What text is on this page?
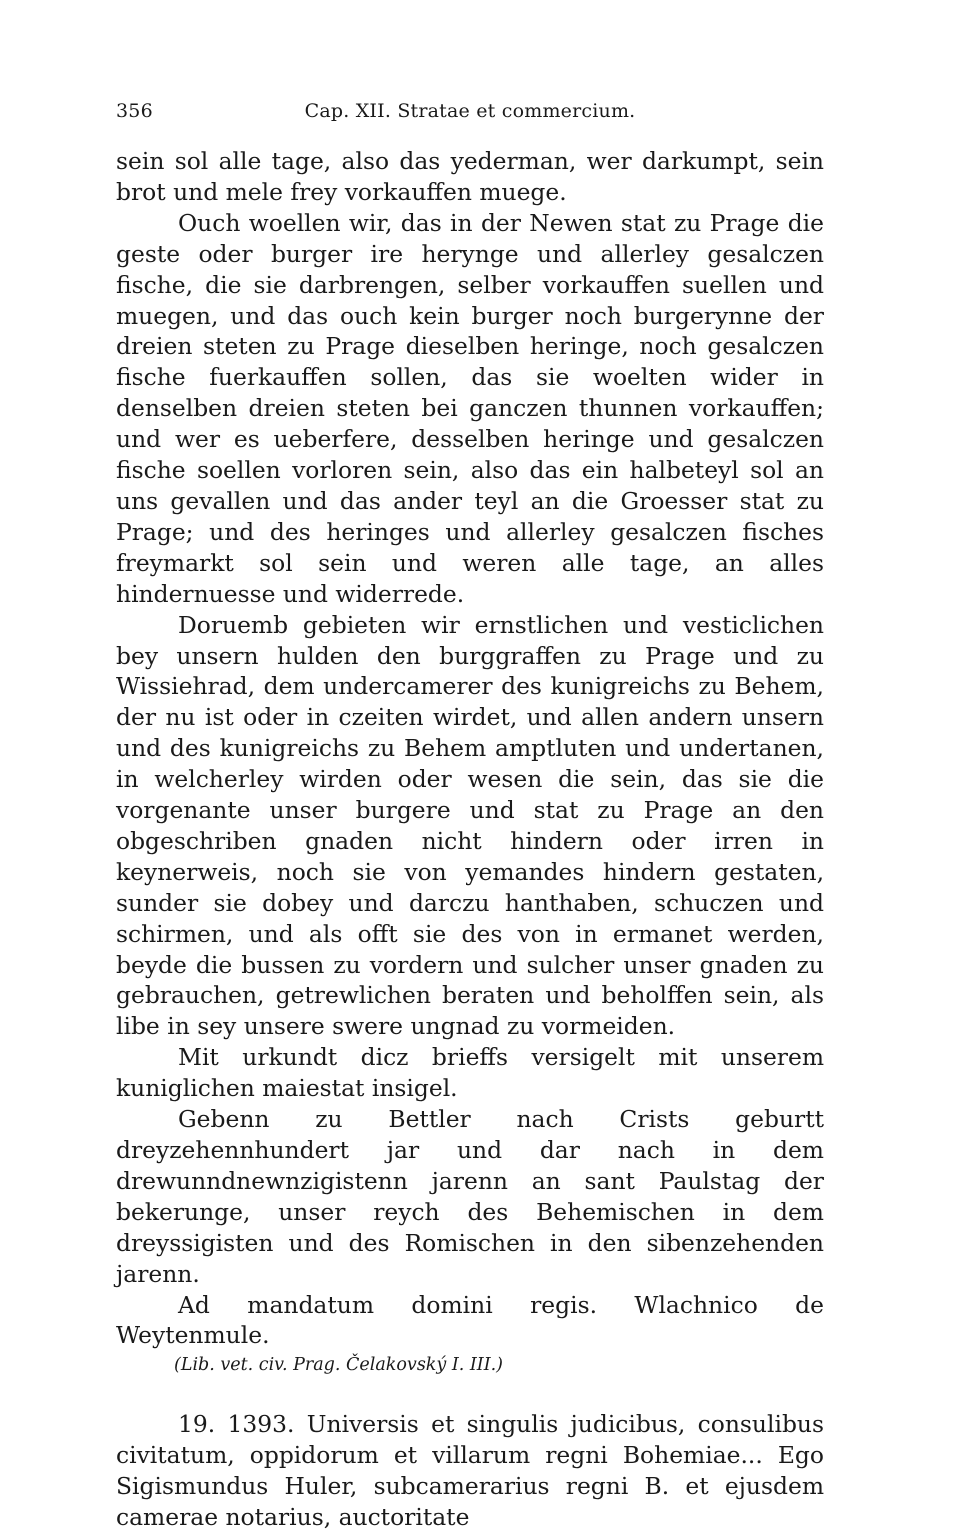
356	Cap. XII. Stratae et commercium.

sein sol alle tage, also das yederman, wer darkumpt, sein brot und mele frey vorkauffen muege.

Ouch woellen wir, das in der Newen stat zu Prage die geste oder burger ire herynge und allerley gesalczen fische, die sie darbrengen, selber vorkauffen suellen und muegen, und das ouch kein burger noch burgerynne der dreien steten zu Prage dieselben heringe, noch gesalczen fische fuerkauffen sollen, das sie woelten wider in denselben dreien steten bei ganczen thunnen vorkauffen; und wer es ueberfere, desselben heringe und gesalczen fische soellen vorloren sein, also das ein halbeteyl sol an uns gevallen und das ander teyl an die Groesser stat zu Prage; und des heringes und allerley gesalczen fisches freymarkt sol sein und weren alle tage, an alles hindernuesse und widerrede.

Doruemb gebieten wir ernstlichen und vesticlichen bey unsern hulden den burggraffen zu Prage und zu Wissiehrad, dem undercamerer des kunigreichs zu Behem, der nu ist oder in czeiten wirdet, und allen andern unsern und des kunigreichs zu Behem amptluten und undertanen, in welcherley wirden oder wesen die sein, das sie die vorgenante unser burgere und stat zu Prage an den obgeschriben gnaden nicht hindern oder irren in keynerweis, noch sie von yemandes hindern gestaten, sunder sie dobey und darczu hanthaben, schuczen und schirmen, und als offt sie des von in ermanet werden, beyde die bussen zu vordern und sulcher unser gnaden zu gebrauchen, getrewlichen beraten und beholffen sein, als libe in sey unsere swere ungnad zu vormeiden.

Mit urkundt dicz brieffs versigelt mit unserem kuniglichen maiestat insigel.

Gebenn zu Bettler nach Crists geburtt dreyzehennhundert jar und dar nach in dem drewunndnewnzigistenn jarenn an sant Paulstag der bekerunge, unser reych des Behemischen in dem dreyssigisten und des Romischen in den sibenzehenden jarenn.

Ad mandatum domini regis. Wlachnico de Weytenmule.

(Lib. vet. civ. Prag. Čelakovský I. III.)

19. 1393. Universis et singulis judicibus, consulibus civitatum, oppidorum et villarum regni Bohemiae... Ego Sigismundus Huler, subcamerarius regni B. et ejusdem camerae notarius, auctoritate
